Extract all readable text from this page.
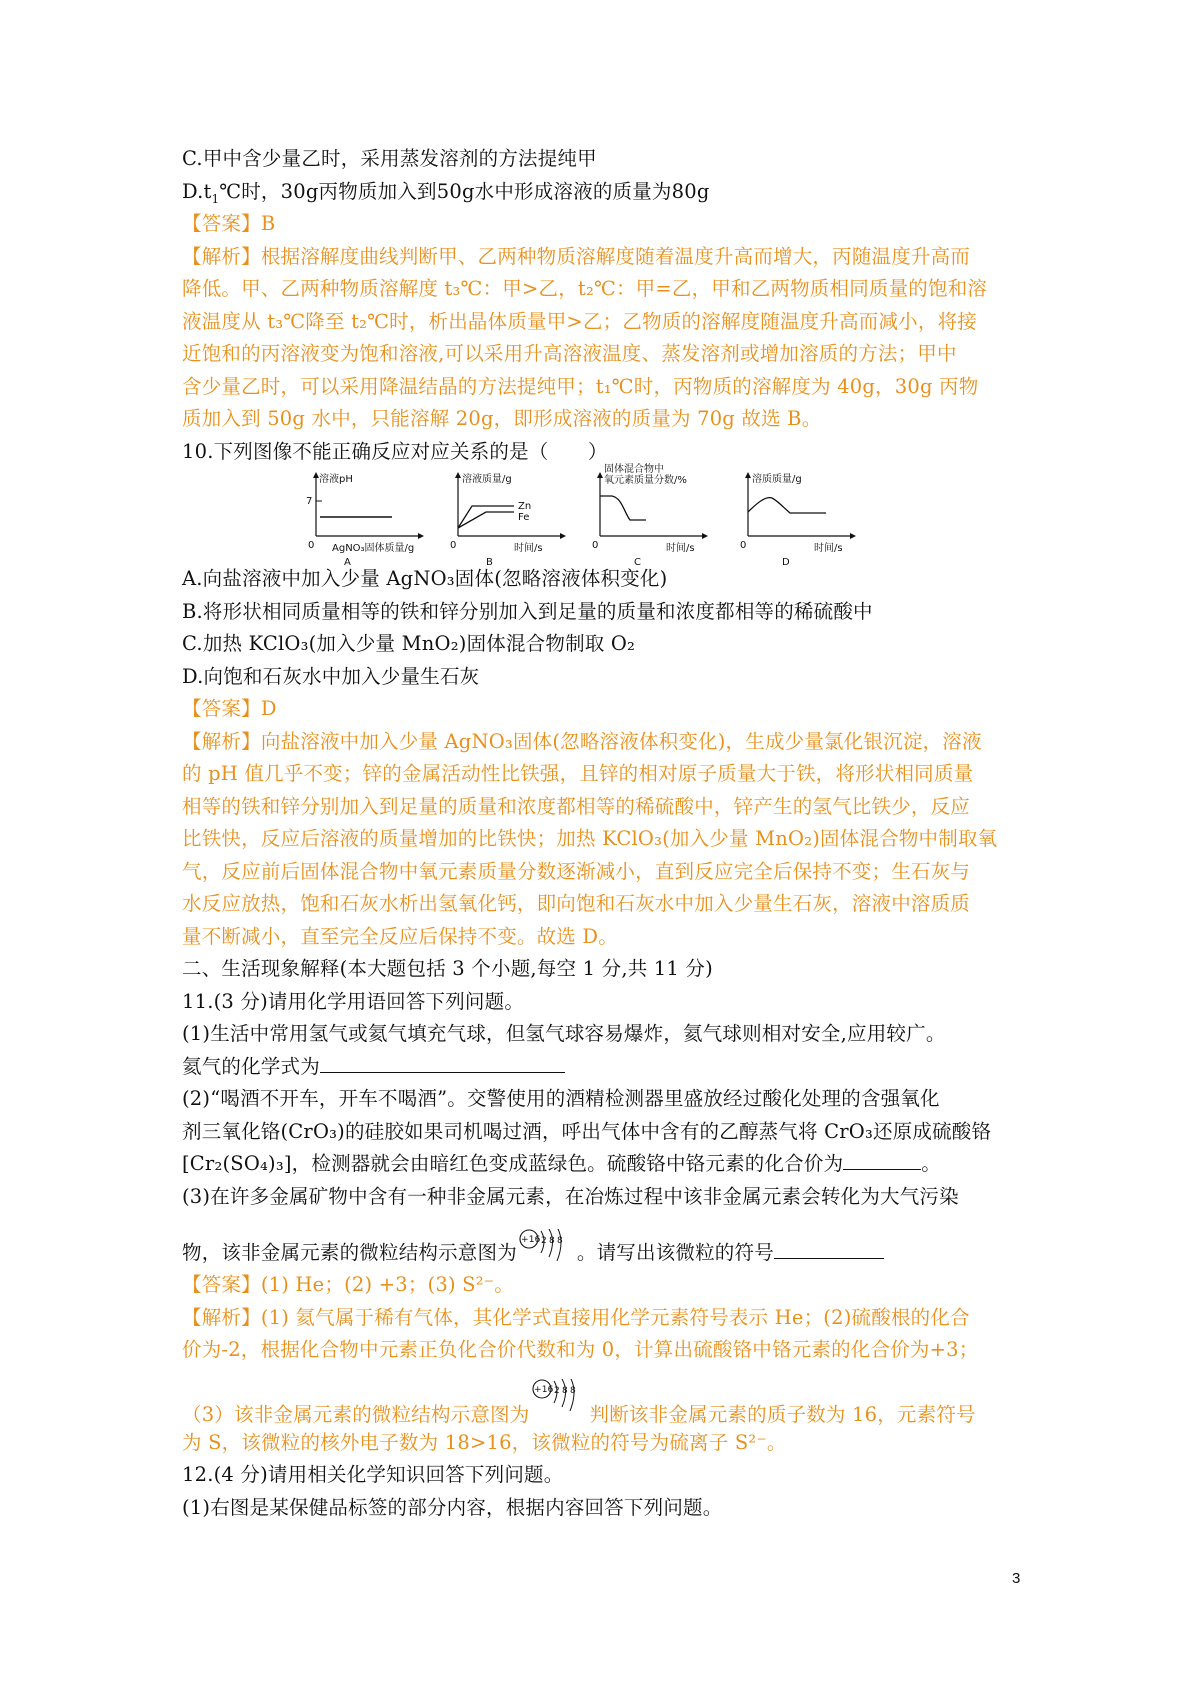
C.甲中含少量乙时，采用蒸发溶剂的方法提纯甲
$D.t_1℃$时，30g丙物质加入到50g水中形成溶液的质量为80g
【答案】B
【解析】根据溶解度曲线判断甲、乙两种物质溶解度随着温度升高而增大，丙随温度升高而
降低。甲、乙两种物质溶解度 t₃℃：甲>乙，t₂℃：甲=乙，甲和乙两物质相同质量的饱和溶
液温度从 t₃℃降至 t₂℃时，析出晶体质量甲>乙；乙物质的溶解度随温度升高而减小，将接
近饱和的丙溶液变为饱和溶液,可以采用升高溶液温度、蒸发溶剂或增加溶质的方法；甲中
含少量乙时，可以采用降温结晶的方法提纯甲；t₁℃时，丙物质的溶解度为 40g，30g 丙物
质加入到 50g 水中，只能溶解 20g，即形成溶液的质量为 70g 故选 B。
10.下列图像不能正确反应对应关系的是（　　）
溶液pH
7
0 AgNO₃固体质量/g
A
溶液质量/g
Zn
Fe
0	时间/s
B
固体混合物中
氧元素质量分数/%
0	时间/s
C
溶质质量/g
0	时间/s
D
A.向盐溶液中加入少量 AgNO₃固体(忽略溶液体积变化)
B.将形状相同质量相等的铁和锌分别加入到足量的质量和浓度都相等的稀硫酸中
C.加热 KClO₃(加入少量 MnO₂)固体混合物制取 O₂
D.向饱和石灰水中加入少量生石灰
【答案】D
【解析】向盐溶液中加入少量 AgNO₃固体(忽略溶液体积变化)，生成少量氯化银沉淀，溶液
的 pH 值几乎不变；锌的金属活动性比铁强，且锌的相对原子质量大于铁，将形状相同质量
相等的铁和锌分别加入到足量的质量和浓度都相等的稀硫酸中，锌产生的氢气比铁少，反应
比铁快，反应后溶液的质量增加的比铁快；加热 KClO₃(加入少量 MnO₂)固体混合物中制取氧
气，反应前后固体混合物中氧元素质量分数逐渐减小，直到反应完全后保持不变；生石灰与
水反应放热，饱和石灰水析出氢氧化钙，即向饱和石灰水中加入少量生石灰，溶液中溶质质
量不断减小，直至完全反应后保持不变。故选 D。
二、生活现象解释(本大题包括 3 个小题,每空 1 分,共 11 分)
11.(3 分)请用化学用语回答下列问题。
(1)生活中常用氢气或氦气填充气球，但氢气球容易爆炸，氦气球则相对安全,应用较广。
氦气的化学式为
(2)“喝酒不开车，开车不喝酒”。交警使用的酒精检测器里盛放经过酸化处理的含强氧化
剂三氧化铬(CrO₃)的硅胶如果司机喝过酒，呼出气体中含有的乙醇蒸气将 CrO₃还原成硫酸铬
[Cr₂(SO₄)₃]，检测器就会由暗红色变成蓝绿色。硫酸铬中铬元素的化合价为	。
(3)在许多金属矿物中含有一种非金属元素，在冶炼过程中该非金属元素会转化为大气污染
物，该非金属元素的微粒结构示意图为
+16 2 8 8 。请写出该微粒的符号
【答案】(1) He；(2) +3；(3) S²⁻。
【解析】(1) 氦气属于稀有气体，其化学式直接用化学元素符号表示 He；(2)硫酸根的化合
价为-2，根据化合物中元素正负化合价代数和为 0，计算出硫酸铬中铬元素的化合价为+3；
（3）该非金属元素的微粒结构示意图为
+16 2 8 8
判断该非金属元素的质子数为 16，元素符号
为 S，该微粒的核外电子数为 18>16，该微粒的符号为硫离子 S²⁻。
12.(4 分)请用相关化学知识回答下列问题。
(1)右图是某保健品标签的部分内容，根据内容回答下列问题。
3
